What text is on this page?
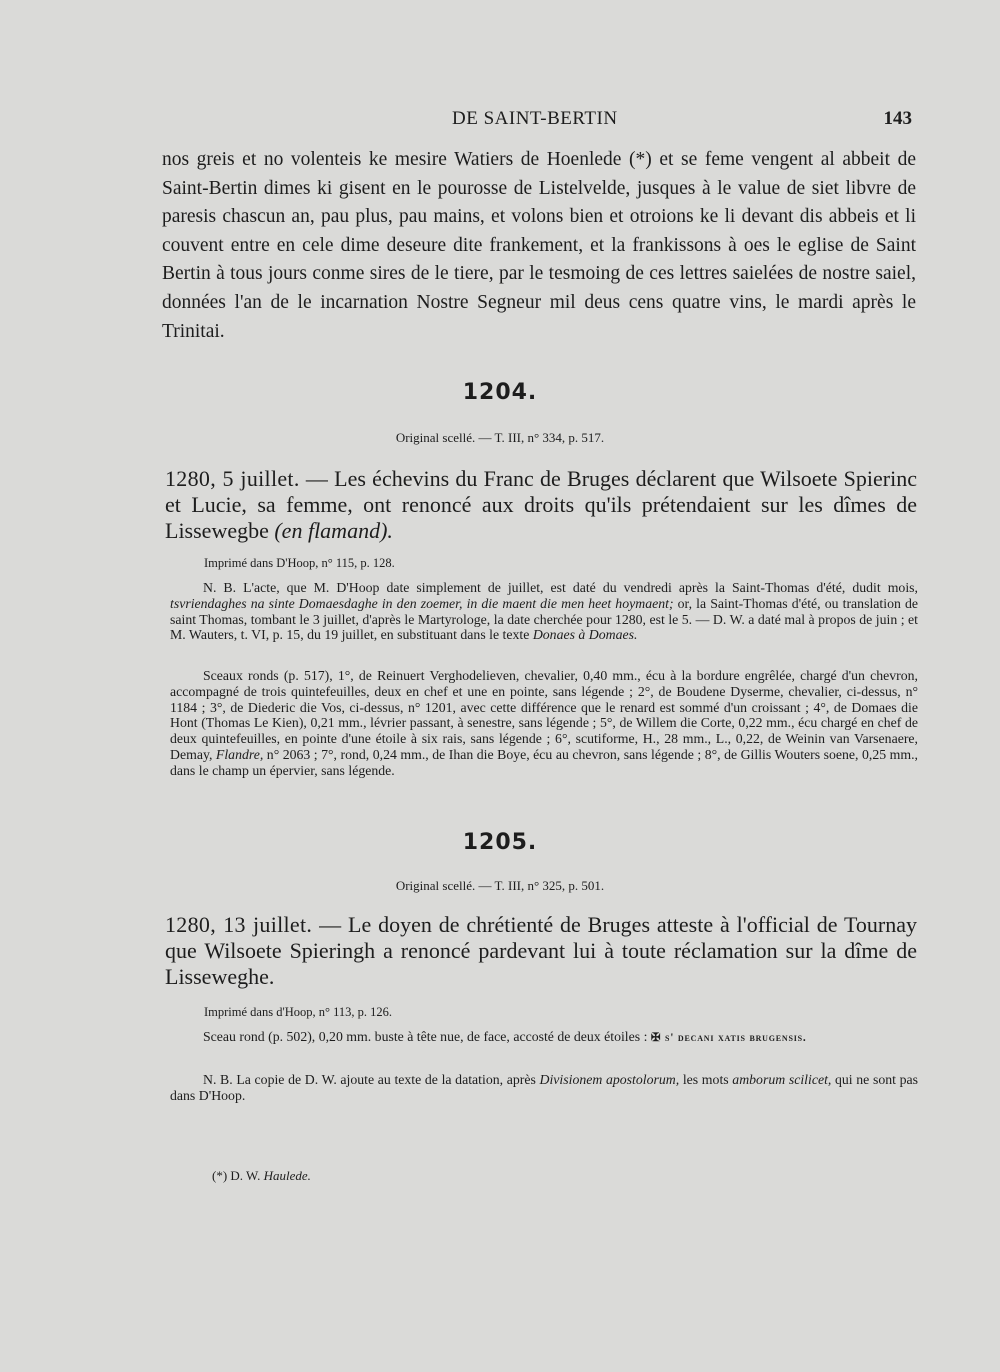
DE SAINT-BERTIN	143

nos greis et no volenteis ke mesire Watiers de Hoenlede (*) et se feme vengent al abbeit de Saint-Bertin dimes ki gisent en le pourosse de Listelvelde, jusques à le value de siet libvre de paresis chascun an, pau plus, pau mains, et volons bien et otroions ke li devant dis abbeis et li couvent entre en cele dime deseure dite frankement, et la frankissons à oes le eglise de Saint Bertin à tous jours conme sires de le tiere, par le tesmoing de ces lettres saielées de nostre saiel, données l'an de le incarnation Nostre Segneur mil deus cens quatre vins, le mardi après le Trinitai.

1204.
Original scellé. — T. III, n° 334, p. 517.

1280, 5 juillet. — Les échevins du Franc de Bruges déclarent que Wilsoete Spierinc et Lucie, sa femme, ont renoncé aux droits qu'ils prétendaient sur les dîmes de Lissewegbe (en flamand).

Imprimé dans D'Hoop, n° 115, p. 128.

N. B. L'acte, que M. D'Hoop date simplement de juillet, est daté du vendredi après la Saint-Thomas d'été, dudit mois, tsvriendaghes na sinte Domaesdaghe in den zoemer, in die maent die men heet hoymaent; or, la Saint-Thomas d'été, ou translation de saint Thomas, tombant le 3 juillet, d'après le Martyrologe, la date cherchée pour 1280, est le 5. — D. W. a daté mal à propos de juin ; et M. Wauters, t. VI, p. 15, du 19 juillet, en substituant dans le texte Donaes à Domaes.

Sceaux ronds (p. 517), 1°, de Reinuert Verghodelieven, chevalier, 0,40 mm., écu à la bordure engrêlée, chargé d'un chevron, accompagné de trois quintefeuilles, deux en chef et une en pointe, sans légende ; 2°, de Boudene Dyserme, chevalier, ci-dessus, n° 1184 ; 3°, de Diederic die Vos, ci-dessus, n° 1201, avec cette différence que le renard est sommé d'un croissant ; 4°, de Domaes die Hont (Thomas Le Kien), 0,21 mm., lévrier passant, à senestre, sans légende ; 5°, de Willem die Corte, 0,22 mm., écu chargé en chef de deux quintefeuilles, en pointe d'une étoile à six rais, sans légende ; 6°, scutiforme, H., 28 mm., L., 0,22, de Weinin van Varsenaere, Demay, Flandre, n° 2063 ; 7°, rond, 0,24 mm., de Ihan die Boye, écu au chevron, sans légende ; 8°, de Gillis Wouters soene, 0,25 mm., dans le champ un épervier, sans légende.

1205.
Original scellé. — T. III, n° 325, p. 501.

1280, 13 juillet. — Le doyen de chrétienté de Bruges atteste à l'official de Tournay que Wilsoete Spieringh a renoncé pardevant lui à toute réclamation sur la dîme de Lisseweghe.

Imprimé dans d'Hoop, n° 113, p. 126.

Sceau rond (p. 502), 0,20 mm. buste à tête nue, de face, accosté de deux étoiles : ✠ s' decani xatis brugensis.

N. B. La copie de D. W. ajoute au texte de la datation, après Divisionem apostolorum, les mots amborum scilicet, qui ne sont pas dans D'Hoop.

(*) D. W. Haulede.
